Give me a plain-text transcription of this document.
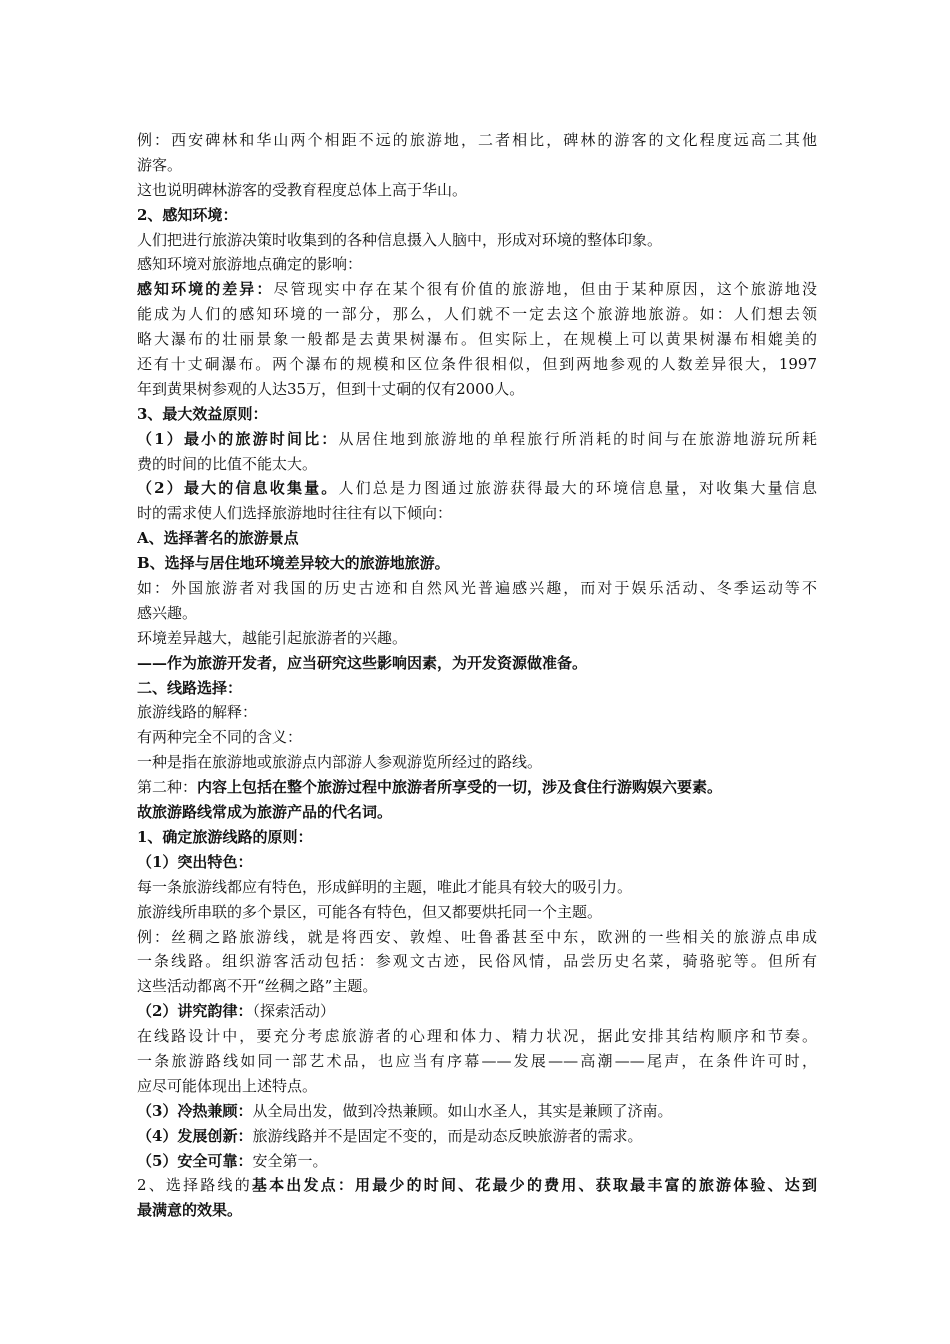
例：西安碑林和华山两个相距不远的旅游地，二者相比，碑林的游客的文化程度远高二其他
游客。
这也说明碑林游客的受教育程度总体上高于华山。
2、感知环境：
人们把进行旅游决策时收集到的各种信息摄入人脑中，形成对环境的整体印象。
感知环境对旅游地点确定的影响：
感知环境的差异：尽管现实中存在某个很有价值的旅游地，但由于某种原因，这个旅游地没
能成为人们的感知环境的一部分，那么，人们就不一定去这个旅游地旅游。如：人们想去领
略大瀑布的壮丽景象一般都是去黄果树瀑布。但实际上，在规模上可以黄果树瀑布相媲美的
还有十丈硐瀑布。两个瀑布的规模和区位条件很相似，但到两地参观的人数差异很大，1997
年到黄果树参观的人达35万，但到十丈硐的仅有2000人。
3、最大效益原则：
（1）最小的旅游时间比：从居住地到旅游地的单程旅行所消耗的时间与在旅游地游玩所耗
费的时间的比值不能太大。
（2）最大的信息收集量。人们总是力图通过旅游获得最大的环境信息量，对收集大量信息
时的需求使人们选择旅游地时往往有以下倾向：
A、选择著名的旅游景点
B、选择与居住地环境差异较大的旅游地旅游。
如：外国旅游者对我国的历史古迹和自然风光普遍感兴趣，而对于娱乐活动、冬季运动等不
感兴趣。
环境差异越大，越能引起旅游者的兴趣。
——作为旅游开发者，应当研究这些影响因素，为开发资源做准备。
二、线路选择：
旅游线路的解释：
有两种完全不同的含义：
一种是指在旅游地或旅游点内部游人参观游览所经过的路线。
第二种：内容上包括在整个旅游过程中旅游者所享受的一切，涉及食住行游购娱六要素。
故旅游路线常成为旅游产品的代名词。
1、确定旅游线路的原则：
（1）突出特色：
每一条旅游线都应有特色，形成鲜明的主题，唯此才能具有较大的吸引力。
旅游线所串联的多个景区，可能各有特色，但又都要烘托同一个主题。
例：丝稠之路旅游线，就是将西安、敦煌、吐鲁番甚至中东，欧洲的一些相关的旅游点串成
一条线路。组织游客活动包括：参观文古迹，民俗风情，品尝历史名菜，骑骆驼等。但所有
这些活动都离不开“丝稠之路”主题。
（2）讲究韵律：（探索活动）
在线路设计中，要充分考虑旅游者的心理和体力、精力状况，据此安排其结构顺序和节奏。
一条旅游路线如同一部艺术品，也应当有序幕——发展——高潮——尾声，在条件许可时，
应尽可能体现出上述特点。
（3）冷热兼顾：从全局出发，做到冷热兼顾。如山水圣人，其实是兼顾了济南。
（4）发展创新：旅游线路并不是固定不变的，而是动态反映旅游者的需求。
（5）安全可靠：安全第一。
2、选择路线的基本出发点：用最少的时间、花最少的费用、获取最丰富的旅游体验、达到
最满意的效果。
